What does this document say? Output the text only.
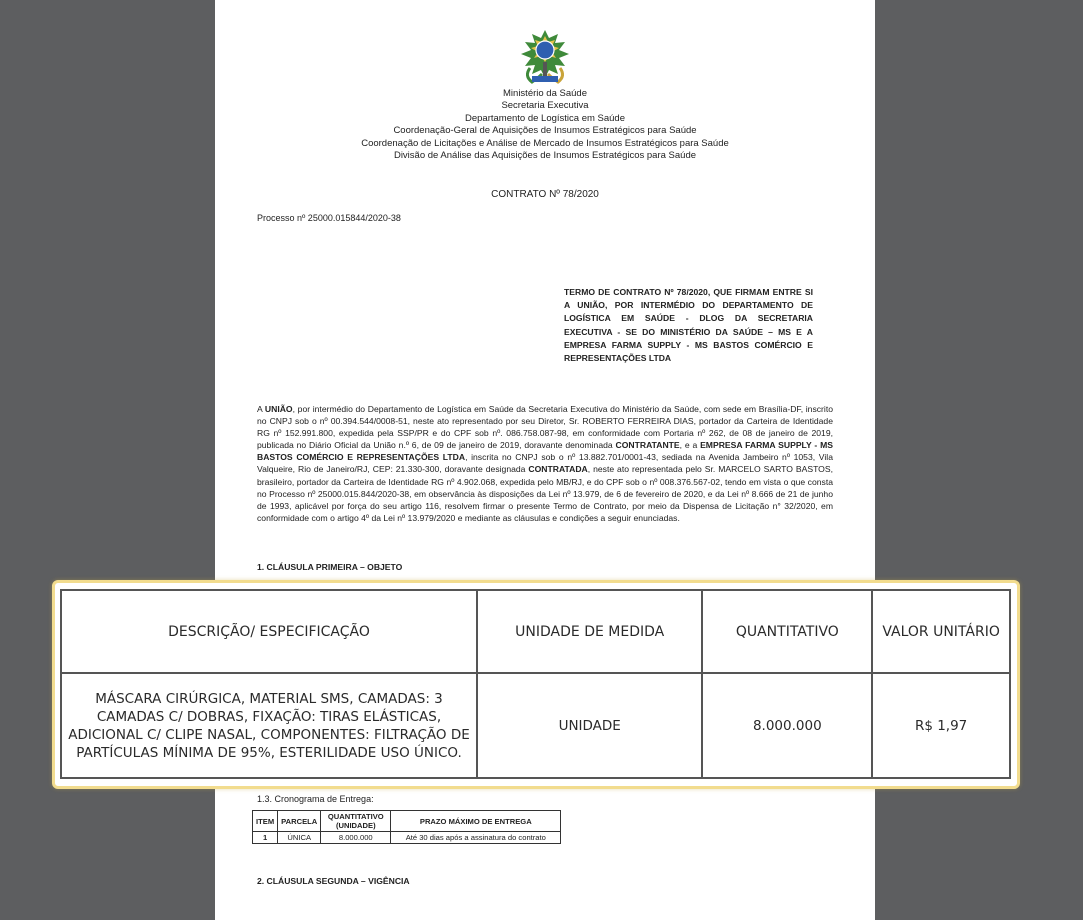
Ministério da Saúde
Secretaria Executiva
Departamento de Logística em Saúde
Coordenação-Geral de Aquisições de Insumos Estratégicos para Saúde
Coordenação de Licitações e Análise de Mercado de Insumos Estratégicos para Saúde
Divisão de Análise das Aquisições de Insumos Estratégicos para Saúde
CONTRATO Nº 78/2020
Processo nº 25000.015844/2020-38
TERMO DE CONTRATO Nº 78/2020, QUE FIRMAM ENTRE SI A UNIÃO, POR INTERMÉDIO DO DEPARTAMENTO DE LOGÍSTICA EM SAÚDE - DLOG DA SECRETARIA EXECUTIVA - SE DO MINISTÉRIO DA SAÚDE – MS E A EMPRESA FARMA SUPPLY - MS BASTOS COMÉRCIO E REPRESENTAÇÕES LTDA
A UNIÃO, por intermédio do Departamento de Logística em Saúde da Secretaria Executiva do Ministério da Saúde, com sede em Brasília-DF, inscrito no CNPJ sob o nº 00.394.544/0008-51, neste ato representado por seu Diretor, Sr. ROBERTO FERREIRA DIAS, portador da Carteira de Identidade RG nº 152.991.800, expedida pela SSP/PR e do CPF sob nº. 086.758.087-98, em conformidade com Portaria nº 262, de 08 de janeiro de 2019, publicada no Diário Oficial da União n.º 6, de 09 de janeiro de 2019, doravante denominada CONTRATANTE, e a EMPRESA FARMA SUPPLY - MS BASTOS COMÉRCIO E REPRESENTAÇÕES LTDA, inscrita no CNPJ sob o nº 13.882.701/0001-43, sediada na Avenida Jambeiro nº 1053, Vila Valqueire, Rio de Janeiro/RJ, CEP: 21.330-300, doravante designada CONTRATADA, neste ato representada pelo Sr. MARCELO SARTO BASTOS, brasileiro, portador da Carteira de Identidade RG nº 4.902.068, expedida pelo MB/RJ, e do CPF sob o nº 008.376.567-02, tendo em vista o que consta no Processo nº 25000.015.844/2020-38, em observância às disposições da Lei nº 13.979, de 6 de fevereiro de 2020, e da Lei nº 8.666 de 21 de junho de 1993, aplicável por força do seu artigo 116, resolvem firmar o presente Termo de Contrato, por meio da Dispensa de Licitação n° 32/2020, em conformidade com o artigo 4º da Lei nº 13.979/2020 e mediante as cláusulas e condições a seguir enunciadas.
1. CLÁUSULA PRIMEIRA – OBJETO
DESCRIÇÃO/ ESPECIFICAÇÃO	UNIDADE DE MEDIDA	QUANTITATIVO	VALOR UNITÁRIO
MÁSCARA CIRÚRGICA, MATERIAL SMS, CAMADAS: 3 CAMADAS C/ DOBRAS, FIXAÇÃO: TIRAS ELÁSTICAS, ADICIONAL C/ CLIPE NASAL, COMPONENTES: FILTRAÇÃO DE PARTÍCULAS MÍNIMA DE 95%, ESTERILIDADE USO ÚNICO.	UNIDADE	8.000.000	R$ 1,97
1.3. Cronograma de Entrega:
ITEM	PARCELA	QUANTITATIVO (UNIDADE)	PRAZO MÁXIMO DE ENTREGA
1	ÚNICA	8.000.000	Até 30 dias após a assinatura do contrato
2. CLÁUSULA SEGUNDA – VIGÊNCIA
